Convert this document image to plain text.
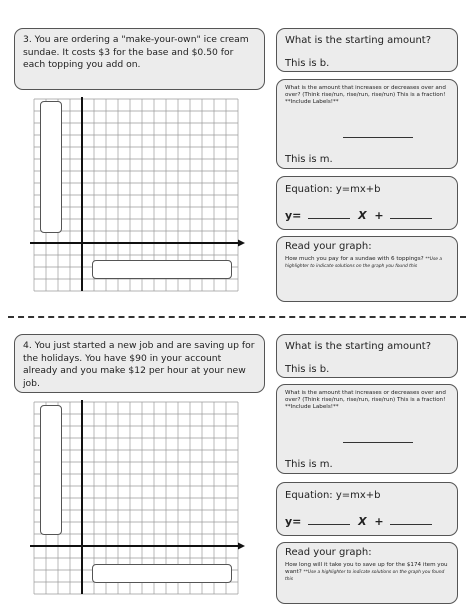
3. You are ordering a "make-your-own" ice cream sundae. It costs $3 for the base and $0.50 for each topping you add on.
What is the starting amount?
This is b.
What is the amount that increases or decreases over and over? (Think rise/run, rise/run, rise/run) This is a fraction! **Include Labels!**
This is m.
Equation: y=mx+b
y=	X +
Read your graph:
How much you pay for a sundae with 6 toppings? **Use a highlighter to indicate solutions on the graph you found this
4. You just started a new job and are saving up for the holidays. You have $90 in your account already and you make $12 per hour at your new job.
What is the starting amount?
This is b.
What is the amount that increases or decreases over and over? (Think rise/run, rise/run, rise/run) This is a fraction! **Include Labels!**
This is m.
Equation: y=mx+b
y=	X +
Read your graph:
How long will it take you to save up for the $174 item you want? **Use a highlighter to indicate solutions on the graph you found this
